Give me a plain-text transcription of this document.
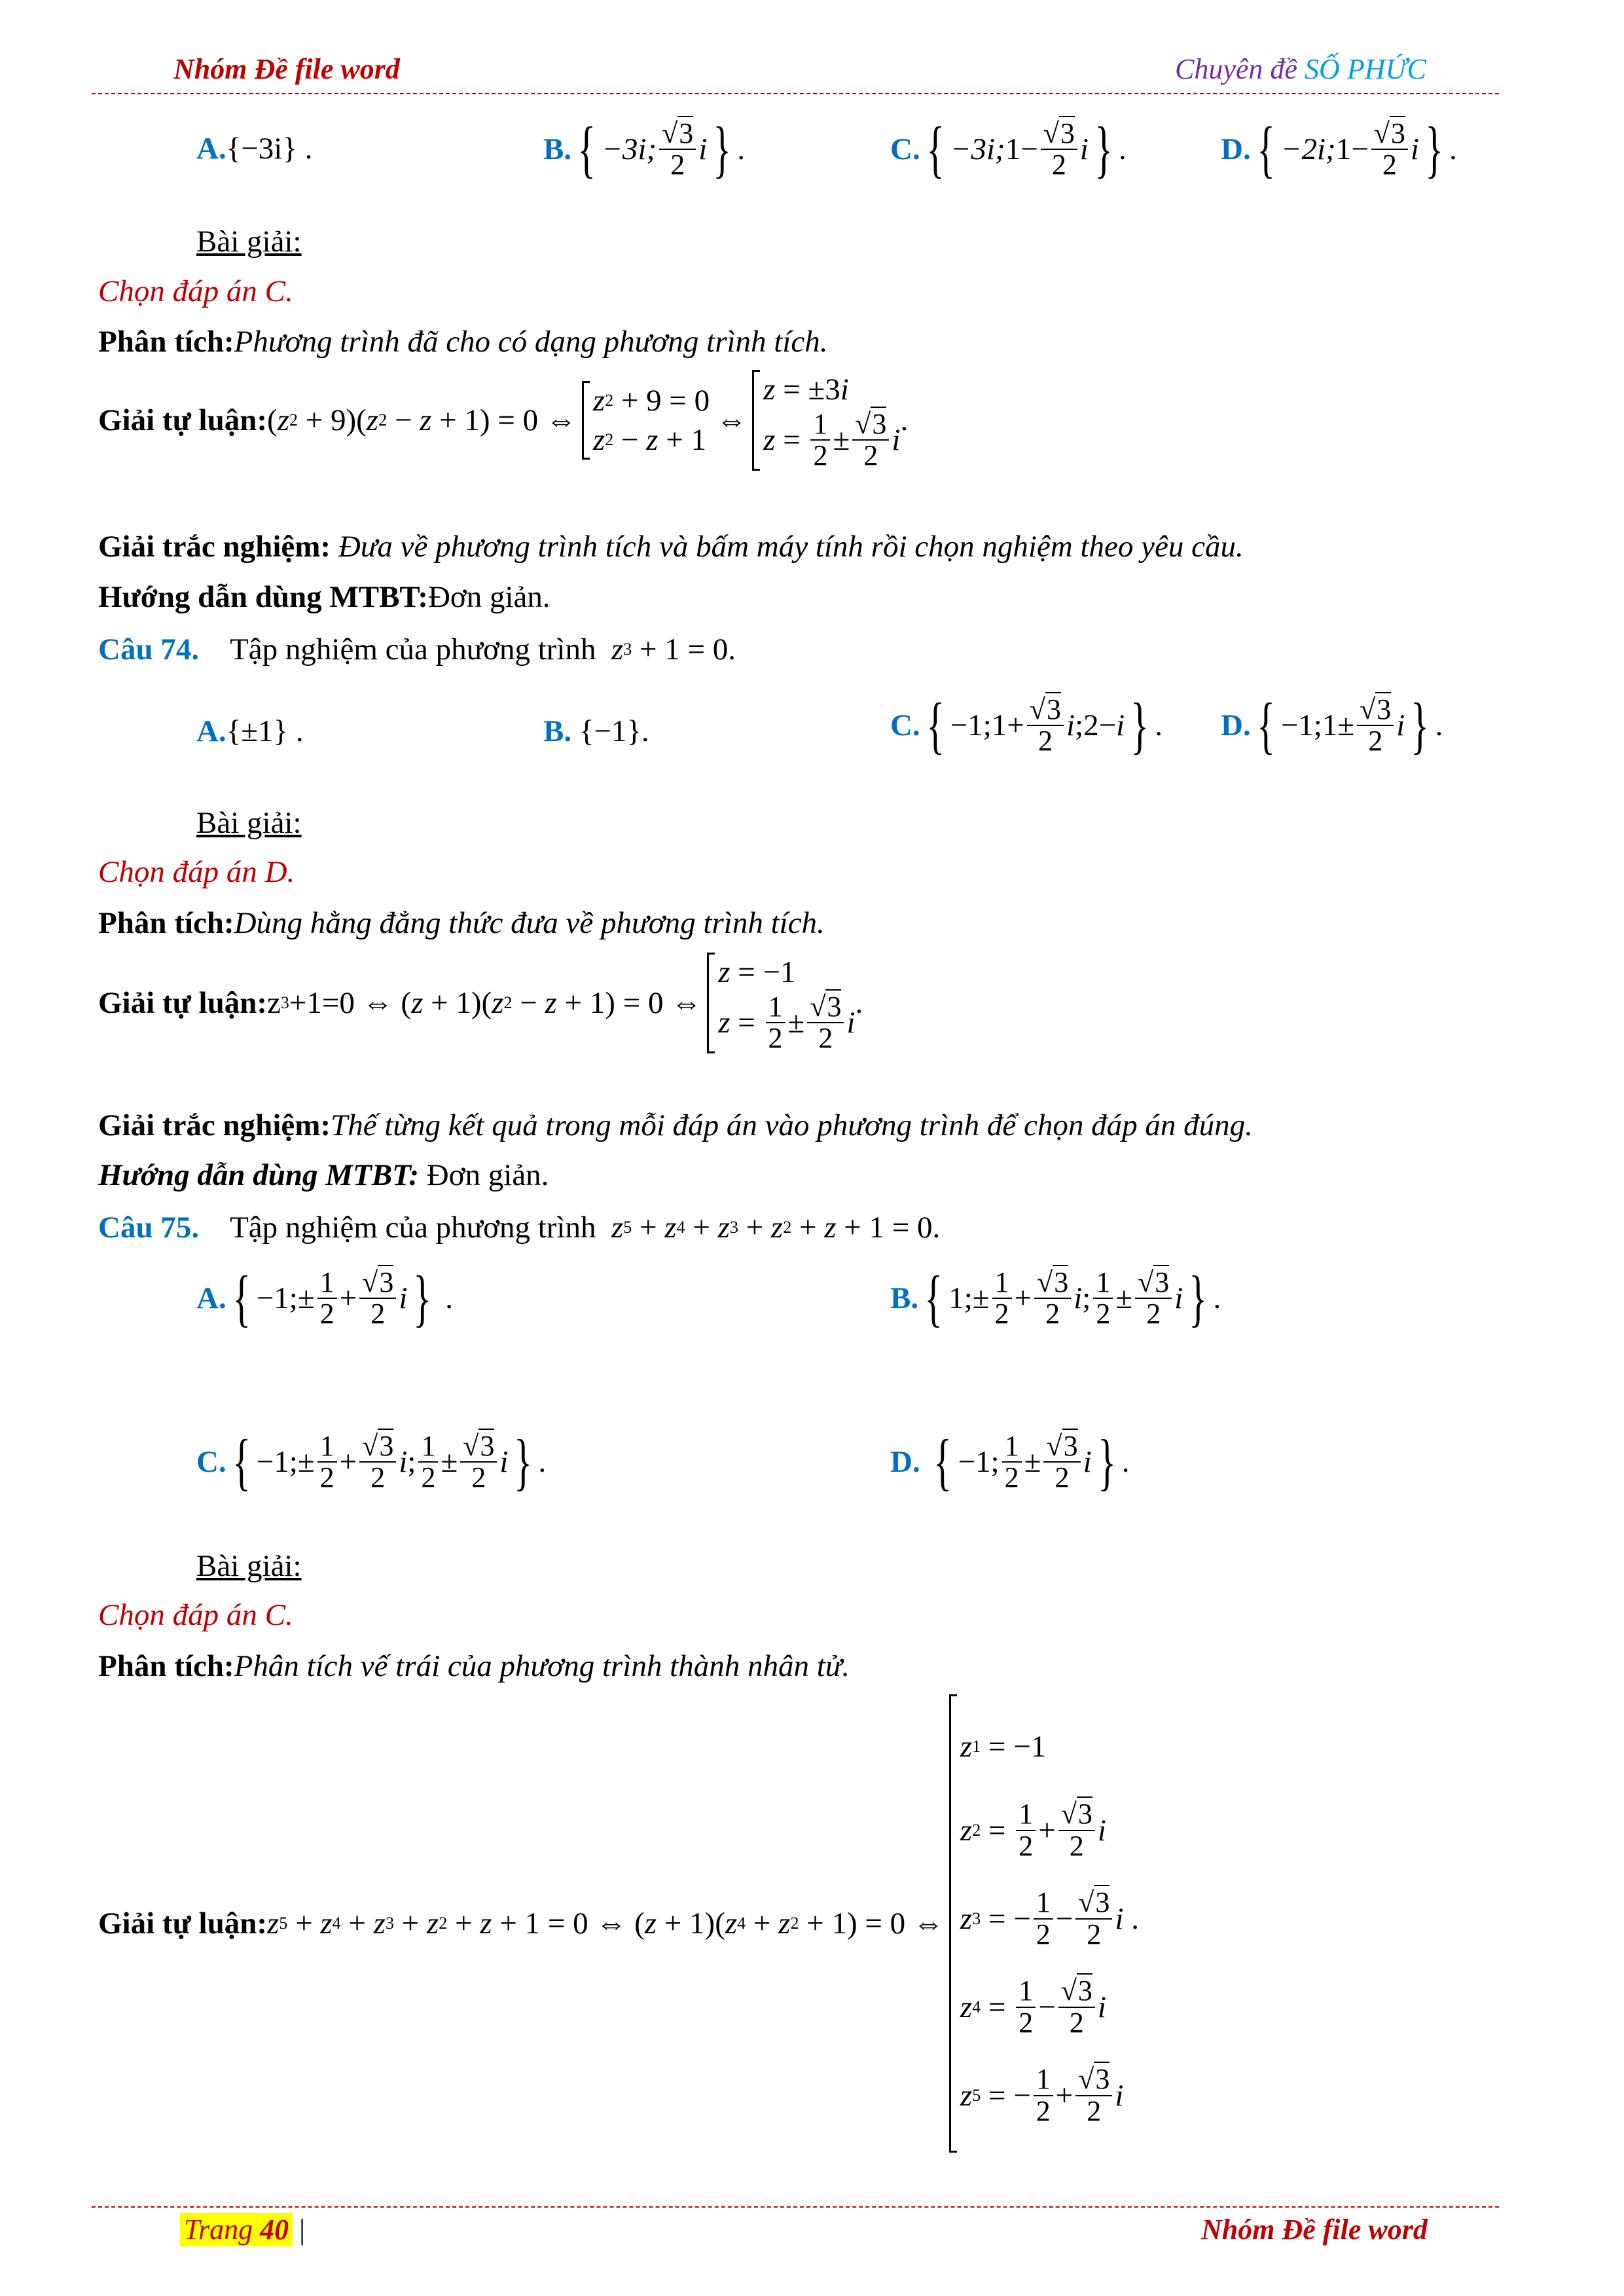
Nhóm Đề file word	Chuyên đề SỐ PHỨC
A.{−3i} .	B. { −3i; $\frac{√3}{2}$ i } .	C. { −3i; $1- \frac{√3}{2}$ i } .	D. { −2i; $1- \frac{√3}{2}$ i } .
Bài giải:
Chọn đáp án C.
Phân tích:Phương trình đã cho có dạng phương trình tích.
Giải tự luận: ( z 2 + 9)( z 2 − z + 1) = 0 ⇔
z 2 + 9 = 0
z 2 − z + 1
⇔
z = ±3 i
$z = \frac{1}{2} \pm \frac{√3}{2}$ i
.
Giải trắc nghiệm: Đưa về phương trình tích và bấm máy tính rồi chọn nghiệm theo yêu cầu.
Hướng dẫn dùng MTBT:Đơn giản.
Câu 74.
Tập nghiệm của phương trình
z 3 + 1 = 0.
A.{±1} .	B. {−1}.	C. { −1;1+ $\frac{√3}{2}$ i ;2− i } . D. { −1;1± $\frac{√3}{2}$ i } .
Bài giải:
Chọn đáp án D.
Phân tích:Dùng hằng đẳng thức đưa về phương trình tích.
Giải tự luận: z 3 +1=0 ⇔ ( z + 1)( z 2 − z + 1) = 0 ⇔
z = −1
$z = \frac{1}{2} \pm \frac{√3}{2}$ i
.
Giải trắc nghiệm:Thế từng kết quả trong mỗi đáp án vào phương trình để chọn đáp án đúng.
Hướng dẫn dùng MTBT: Đơn giản.
Câu 75.
Tập nghiệm của phương trình
z 5 + z 4 + z 3 + z 2 + z + 1 = 0.
A. { −1;± $\frac{1}{2} + \frac{√3}{2}$ i } .	B. { 1;± $\frac{1}{2} + \frac{√3}{2}$ i ; $\frac{1}{2} \pm \frac{√3}{2}$ i } .
C. { −1;± $\frac{1}{2} + \frac{√3}{2}$ i ; $\frac{1}{2} \pm \frac{√3}{2}$ i } .	D.
{ −1; $\frac{1}{2} \pm \frac{√3}{2}$ i } .
Bài giải:
Chọn đáp án C.
Phân tích:Phân tích vế trái của phương trình thành nhân tử.
Giải tự luận: z 5 + z 4 + z 3 + z 2 + z + 1 = 0 ⇔ ( z + 1)( z 4 + z 2 + 1) = 0 ⇔
z 1 = −1
z $2 = \frac{1}{2} + \frac{√3}{2}$ i
z 3 = − $\frac{1}{2} - \frac{√3}{2}$ i .
z $4 = \frac{1}{2} - \frac{√3}{2}$ i
z 5 = − $\frac{1}{2} + \frac{√3}{2}$ i
Trang 40 |	Nhóm Đề file word
